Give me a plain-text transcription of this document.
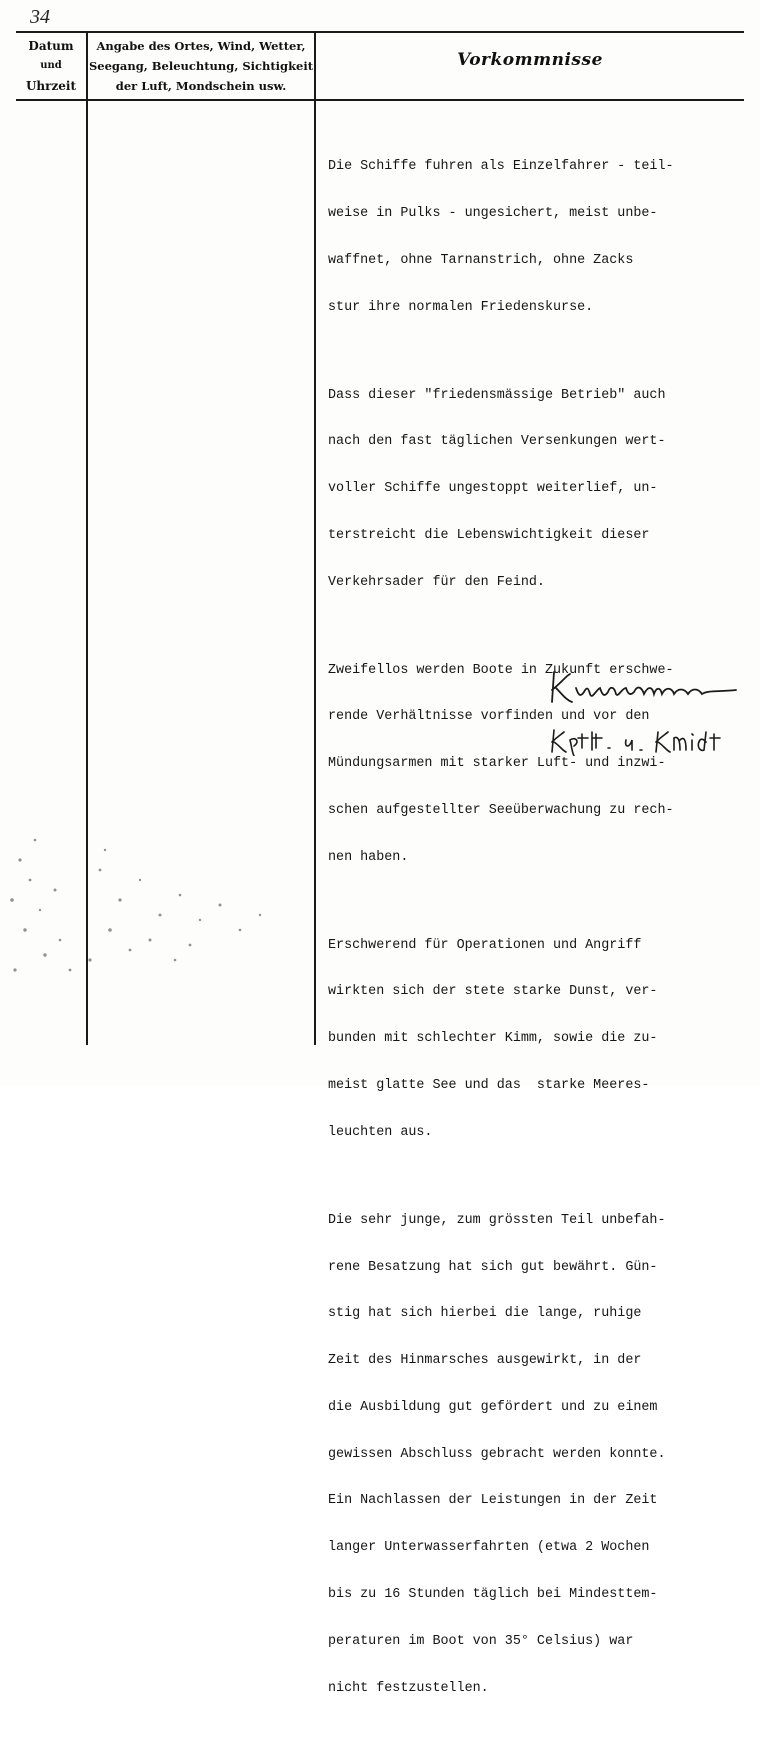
34
Datum
und
Uhrzeit
Angabe des Ortes, Wind, Wetter,
Seegang, Beleuchtung, Sichtigkeit
der Luft, Mondschein usw.
Vorkommnisse

Die Schiffe fuhren als Einzelfahrer - teil-

weise in Pulks - ungesichert, meist unbe-

waffnet, ohne Tarnanstrich, ohne Zacks

stur ihre normalen Friedenskurse.

Dass dieser "friedensmässige Betrieb" auch

nach den fast täglichen Versenkungen wert-

voller Schiffe ungestoppt weiterlief, un-

terstreicht die Lebenswichtigkeit dieser

Verkehrsader für den Feind.

Zweifellos werden Boote in Zukunft erschwe-

rende Verhältnisse vorfinden und vor den

Mündungsarmen mit starker Luft- und inzwi-

schen aufgestellter Seeüberwachung zu rech-

nen haben.

Erschwerend für Operationen und Angriff

wirkten sich der stete starke Dunst, ver-

bunden mit schlechter Kimm, sowie die zu-

meist glatte See und das  starke Meeres-

leuchten aus.

Die sehr junge, zum grössten Teil unbefah-

rene Besatzung hat sich gut bewährt. Gün-

stig hat sich hierbei die lange, ruhige

Zeit des Hinmarsches ausgewirkt, in der

die Ausbildung gut gefördert und zu einem

gewissen Abschluss gebracht werden konnte.

Ein Nachlassen der Leistungen in der Zeit

langer Unterwasserfahrten (etwa 2 Wochen

bis zu 16 Stunden täglich bei Mindesttem-

peraturen im Boot von 35° Celsius) war

nicht festzustellen.
